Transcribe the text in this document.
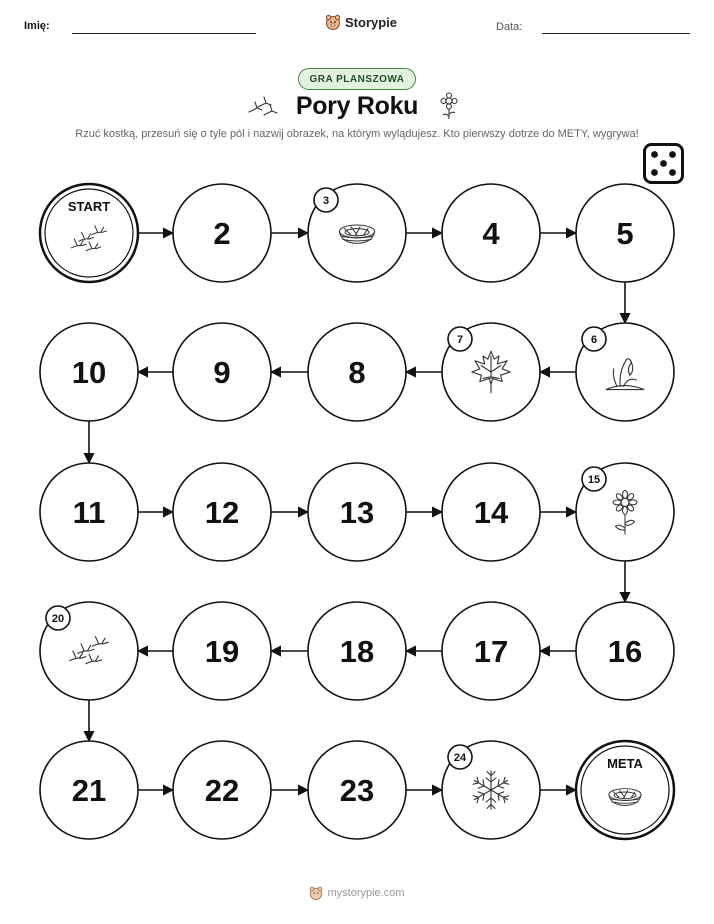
Imię:	Storypie	Data:
GRA PLANSZOWA
Pory Roku
Rzuć kostką, przesuń się o tyle pól i nazwij obrazek, na którym wylądujesz. Kto pierwszy dotrze do METY, wygrywa!
START
2
3
4	5
6
7
8
9
10
11	12	13	14
15
16
17
18
19
20
21	22	23
24	META
mystorypie.com
